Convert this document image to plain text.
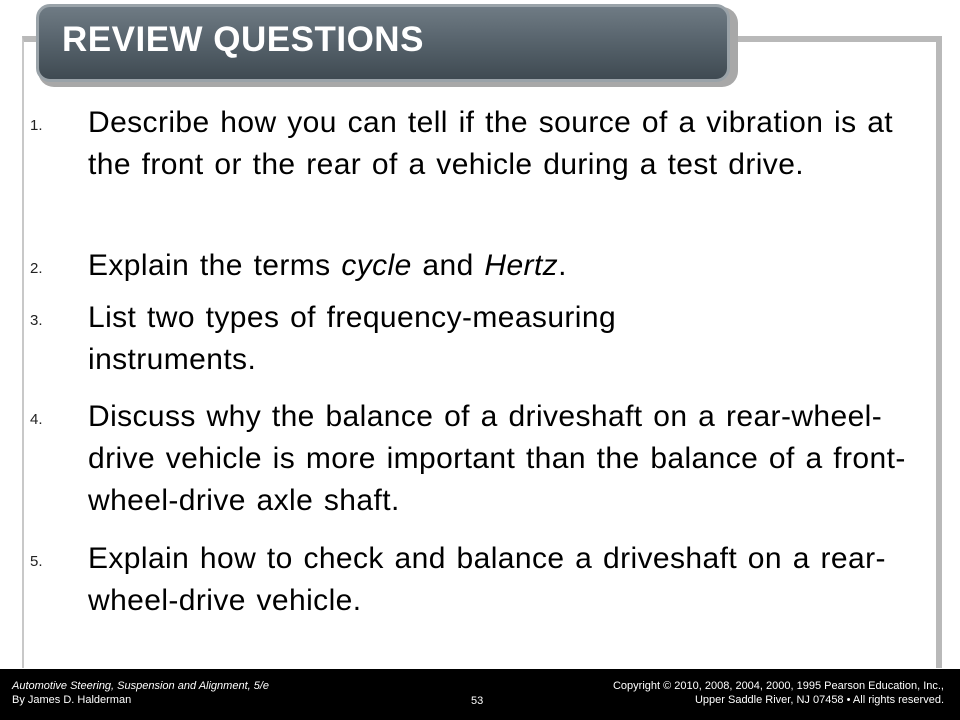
REVIEW QUESTIONS
1. Describe how you can tell if the source of a vibration is at the front or the rear of a vehicle during a test drive.
2. Explain the terms cycle and Hertz.
3. List two types of frequency-measuring instruments.
4. Discuss why the balance of a driveshaft on a rear-wheel-drive vehicle is more important than the balance of a front-wheel-drive axle shaft.
5. Explain how to check and balance a driveshaft on a rear-wheel-drive vehicle.
Automotive Steering, Suspension and Alignment, 5/e
By James D. Halderman	53
Copyright © 2010, 2008, 2004, 2000, 1995 Pearson Education, Inc.,
Upper Saddle River, NJ 07458 • All rights reserved.
